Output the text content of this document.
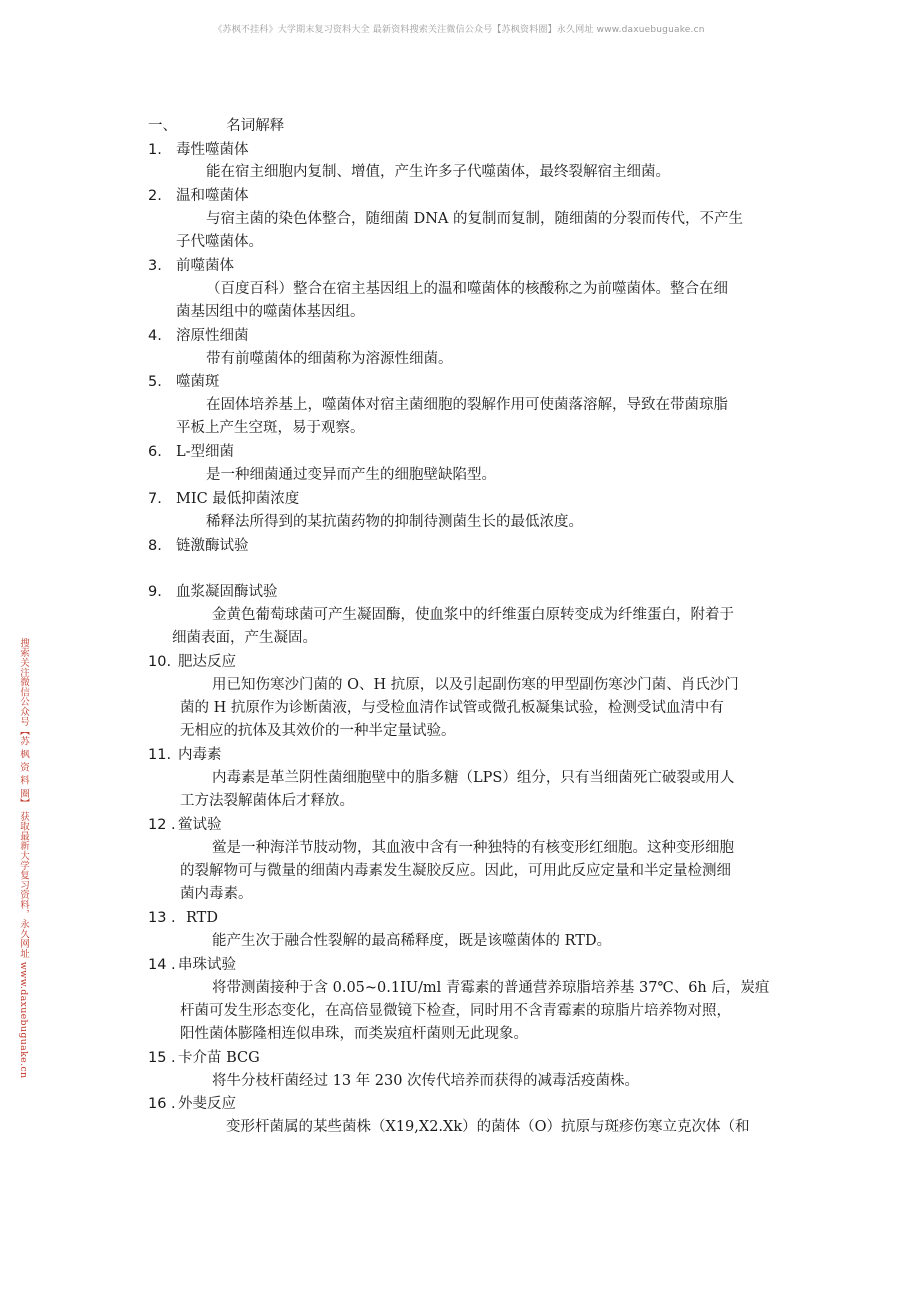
《苏枫不挂科》大学期末复习资料大全 最新资料搜索关注微信公众号【苏枫资料圈】永久网址 www.daxuebuguake.cn
搜索关注微信公众号【苏 枫 资 料 圈】 获取最新大学复习资料，永久网址 www.daxuebuguake.cn
一、	名词解释
1. 毒性噬菌体
能在宿主细胞内复制、增值，产生许多子代噬菌体，最终裂解宿主细菌。
2. 温和噬菌体
与宿主菌的染色体整合，随细菌 DNA 的复制而复制，随细菌的分裂而传代，不产生
子代噬菌体。
3. 前噬菌体
（百度百科）整合在宿主基因组上的温和噬菌体的核酸称之为前噬菌体。整合在细
菌基因组中的噬菌体基因组。
4. 溶原性细菌
带有前噬菌体的细菌称为溶源性细菌。
5. 噬菌斑
在固体培养基上，噬菌体对宿主菌细胞的裂解作用可使菌落溶解，导致在带菌琼脂
平板上产生空斑，易于观察。
6. L-型细菌
是一种细菌通过变异而产生的细胞壁缺陷型。
7. MIC 最低抑菌浓度
稀释法所得到的某抗菌药物的抑制待测菌生长的最低浓度。
8. 链激酶试验
9. 血浆凝固酶试验
金黄色葡萄球菌可产生凝固酶，使血浆中的纤维蛋白原转变成为纤维蛋白，附着于
细菌表面，产生凝固。
10. 肥达反应
用已知伤寒沙门菌的 O、H 抗原，以及引起副伤寒的甲型副伤寒沙门菌、肖氏沙门
菌的 H 抗原作为诊断菌液，与受检血清作试管或微孔板凝集试验，检测受试血清中有
无相应的抗体及其效价的一种半定量试验。
11. 内毒素
内毒素是革兰阴性菌细胞壁中的脂多糖（LPS）组分，只有当细菌死亡破裂或用人
工方法裂解菌体后才释放。
12 . 鲎试验
鲎是一种海洋节肢动物，其血液中含有一种独特的有核变形红细胞。这种变形细胞
的裂解物可与微量的细菌内毒素发生凝胶反应。因此，可用此反应定量和半定量检测细
菌内毒素。
13 . RTD
能产生次于融合性裂解的最高稀释度，既是该噬菌体的 RTD。
14 . 串珠试验
将带测菌接种于含 0.05~0.1IU/ml 青霉素的普通营养琼脂培养基 37℃、6h 后，炭疽
杆菌可发生形态变化，在高倍显微镜下检查，同时用不含青霉素的琼脂片培养物对照，
阳性菌体膨隆相连似串珠，而类炭疽杆菌则无此现象。
15 . 卡介苗 BCG
将牛分枝杆菌经过 13 年 230 次传代培养而获得的减毒活疫菌株。
16 . 外斐反应
变形杆菌属的某些菌株（X19,X2.Xk）的菌体（O）抗原与斑疹伤寒立克次体（和
